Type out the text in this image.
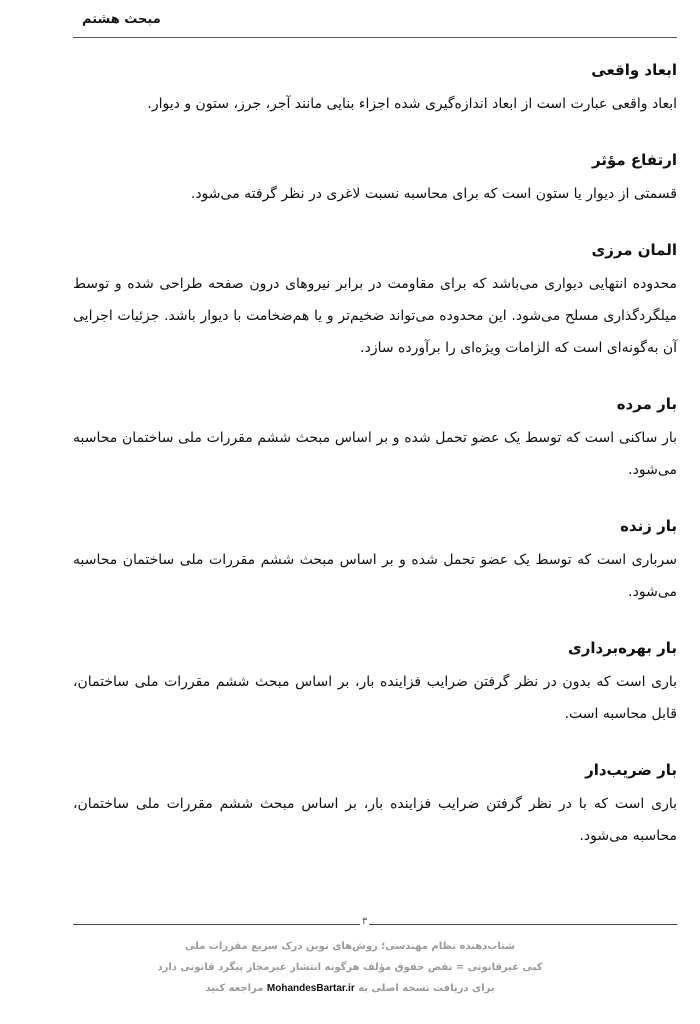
مبحث هشتم

ابعاد واقعی

ابعاد واقعی عبارت است از ابعاد اندازه‌گیری شده اجزاء بنایی مانند آجر، جرز، ستون و دیوار.

ارتفاع مؤثر

قسمتی از دیوار یا ستون است که برای محاسبه نسبت لاغری در نظر گرفته می‌شود.

المان مرزی

محدوده انتهایی دیواری می‌باشد که برای مقاومت در برابر نیروهای درون صفحه طراحی شده و توسط میلگردگذاری مسلح می‌شود. این محدوده می‌تواند ضخیم‌تر و یا هم‌ضخامت با دیوار باشد. جزئیات اجرایی آن به‌گونه‌ای است که الزامات ویژه‌ای را برآورده سازد.

بار مرده

بار ساکنی است که توسط یک عضو تحمل شده و بر اساس مبحث ششم مقررات ملی ساختمان محاسبه می‌شود.

بار زنده

سرباری است که توسط یک عضو تحمل شده و بر اساس مبحث ششم مقررات ملی ساختمان محاسبه می‌شود.

بار بهره‌برداری

باری است که بدون در نظر گرفتن ضرایب فزاینده بار، بر اساس مبحث ششم مقررات ملی ساختمان، قابل محاسبه است.

بار ضریب‌دار

باری است که با در نظر گرفتن ضرایب فزاینده بار، بر اساس مبحث ششم مقررات ملی ساختمان، محاسبه می‌شود.

۳
شتاب‌دهنده نظام مهندسی؛ روش‌های نوین درک سریع مقررات ملی
کپی غیرقانونی = نقض حقوق مؤلف هرگونه انتشار غیرمجاز پیگرد قانونی دارد
برای دریافت نسخه اصلی به MohandesBartar.ir مراجعه کنید
